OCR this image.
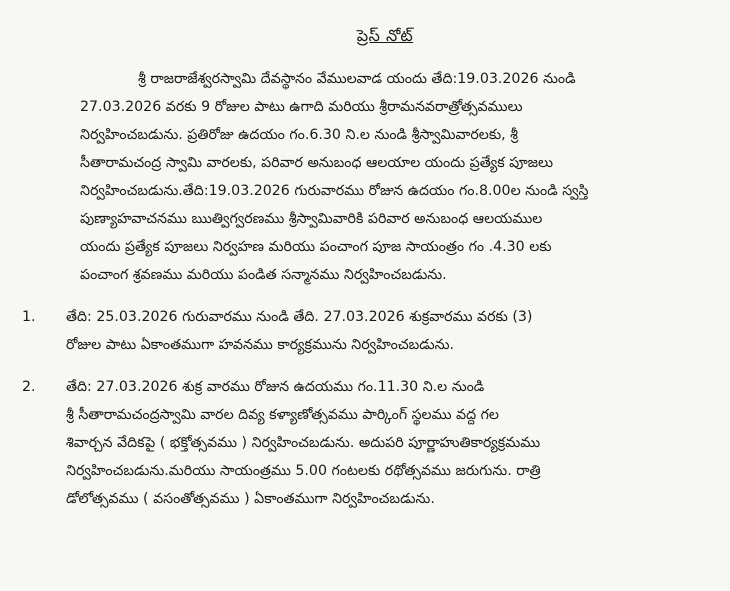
ప్రెస్ నోట్

శ్రీ రాజరాజేశ్వరస్వామి దేవస్థానం వేములవాడ యందు తేది:19.03.2026 నుండి
27.03.2026 వరకు 9 రోజుల పాటు ఉగాది మరియు శ్రీరామనవరాత్రోత్సవములు
నిర్వహించబడును. ప్రతిరోజు ఉదయం గం.6.30 ని.ల నుండి శ్రీస్వామివారలకు, శ్రీ
సీతారామచంద్ర స్వామి వారలకు, పరివార అనుబంధ ఆలయాల యందు ప్రత్యేక పూజలు
నిర్వహించబడును.తేది:19.03.2026 గురువారము రోజున ఉదయం గం.8.00ల నుండి స్వస్తి
పుణ్యాహవాచనము ఋత్విగ్వరణము శ్రీస్వామివారికి పరివార అనుబంధ ఆలయముల
యందు ప్రత్యేక పూజలు నిర్వహణ మరియు పంచాంగ పూజ సాయంత్రం గం .4.30 లకు
పంచాంగ శ్రవణము మరియు పండిత సన్మానము నిర్వహించబడును.

1. తేది: 25.03.2026 గురువారము నుండి తేది. 27.03.2026 శుక్రవారము వరకు (3)
రోజుల పాటు ఏకాంతముగా హవనము కార్యక్రమును నిర్వహించబడును.
2. తేది: 27.03.2026 శుక్ర వారము రోజున ఉదయము గం.11.30 ని.ల నుండి
శ్రీ సీతారామచంద్రస్వామి వారల దివ్య కళ్యాణోత్సవము పార్కింగ్ స్థలము వద్ద గల
శివార్చన వేదికపై ( భక్తోత్సవము ) నిర్వహించబడును. అదుపరి పూర్ణాహుతికార్యక్రమము
నిర్వహించబడును.మరియు సాయంత్రము 5.00 గంటలకు రథోత్సవము జరుగును. రాత్రి
డోలోత్సవము ( వసంతోత్సవము ) ఏకాంతముగా నిర్వహించబడును.
